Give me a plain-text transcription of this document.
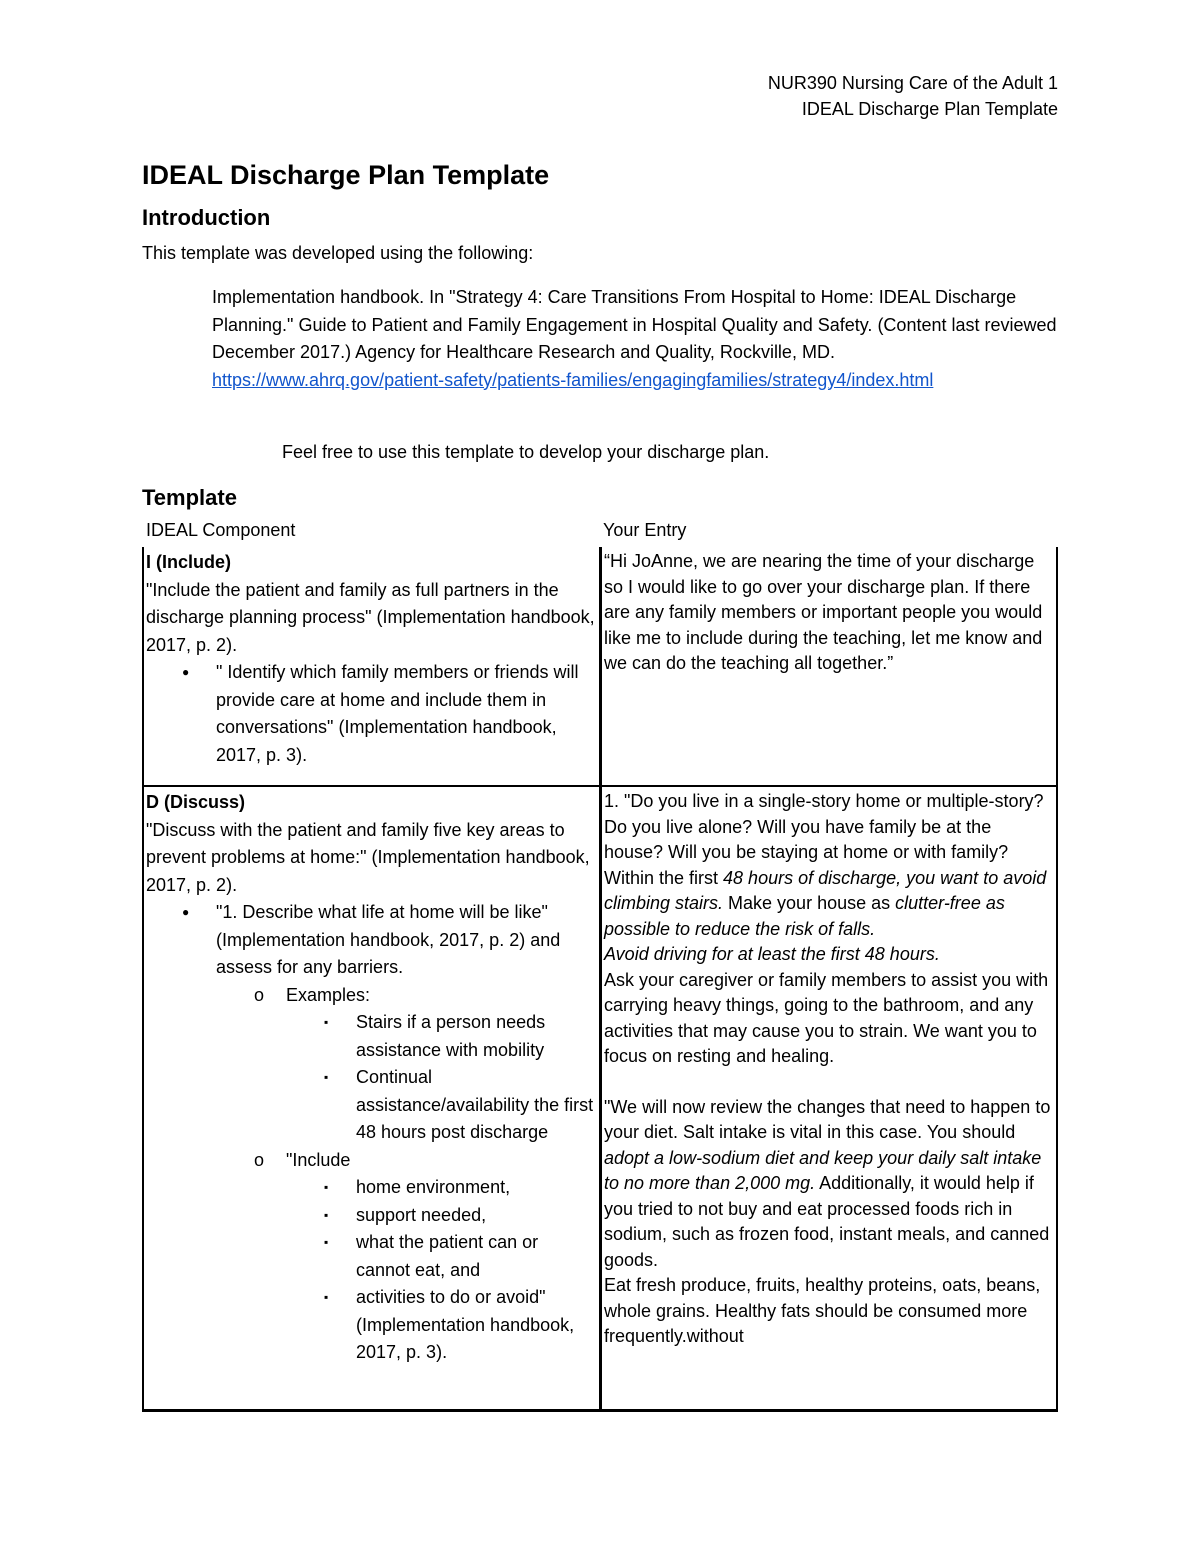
NUR390 Nursing Care of the Adult 1
IDEAL Discharge Plan Template
IDEAL Discharge Plan Template
Introduction

This template was developed using the following:

Implementation handbook. In "Strategy 4: Care Transitions From Hospital to Home: IDEAL Discharge Planning." Guide to Patient and Family Engagement in Hospital Quality and Safety. (Content last reviewed December 2017.) Agency for Healthcare Research and Quality, Rockville, MD. https://www.ahrq.gov/patient-safety/patients-families/engagingfamilies/strategy4/index.html

Feel free to use this template to develop your discharge plan.

Template
IDEAL Component	Your Entry
I (Include)
"Include the patient and family as full partners in the discharge planning process" (Implementation handbook, 2017, p. 2).
● " Identify which family members or friends will provide care at home and include them in conversations" (Implementation handbook, 2017, p. 3).
“Hi JoAnne, we are nearing the time of your discharge so I would like to go over your discharge plan. If there are any family members or important people you would like me to include during the teaching, let me know and we can do the teaching all together.”
D (Discuss)
"Discuss with the patient and family five key areas to prevent problems at home:" (Implementation handbook, 2017, p. 2).
● "1. Describe what life at home will be like" (Implementation handbook, 2017, p. 2) and assess for any barriers.
o Examples:
▪ Stairs if a person needs assistance with mobility
▪ Continual assistance/availability the first 48 hours post discharge
o "Include
▪ home environment,
▪ support needed,
▪ what the patient can or cannot eat, and
▪ activities to do or avoid" (Implementation handbook, 2017, p. 3).
1. "Do you live in a single-story home or multiple-story? Do you live alone? Will you have family be at the house? Will you be staying at home or with family?
Within the first 48 hours of discharge, you want to avoid climbing stairs. Make your house as clutter-free as possible to reduce the risk of falls.
Avoid driving for at least the first 48 hours.
Ask your caregiver or family members to assist you with carrying heavy things, going to the bathroom, and any activities that may cause you to strain. We want you to focus on resting and healing.
"We will now review the changes that need to happen to your diet. Salt intake is vital in this case. You should adopt a low-sodium diet and keep your daily salt intake to no more than 2,000 mg. Additionally, it would help if you tried to not buy and eat processed foods rich in sodium, such as frozen food, instant meals, and canned goods.
Eat fresh produce, fruits, healthy proteins, oats, beans, whole grains. Healthy fats should be consumed more frequently.without
